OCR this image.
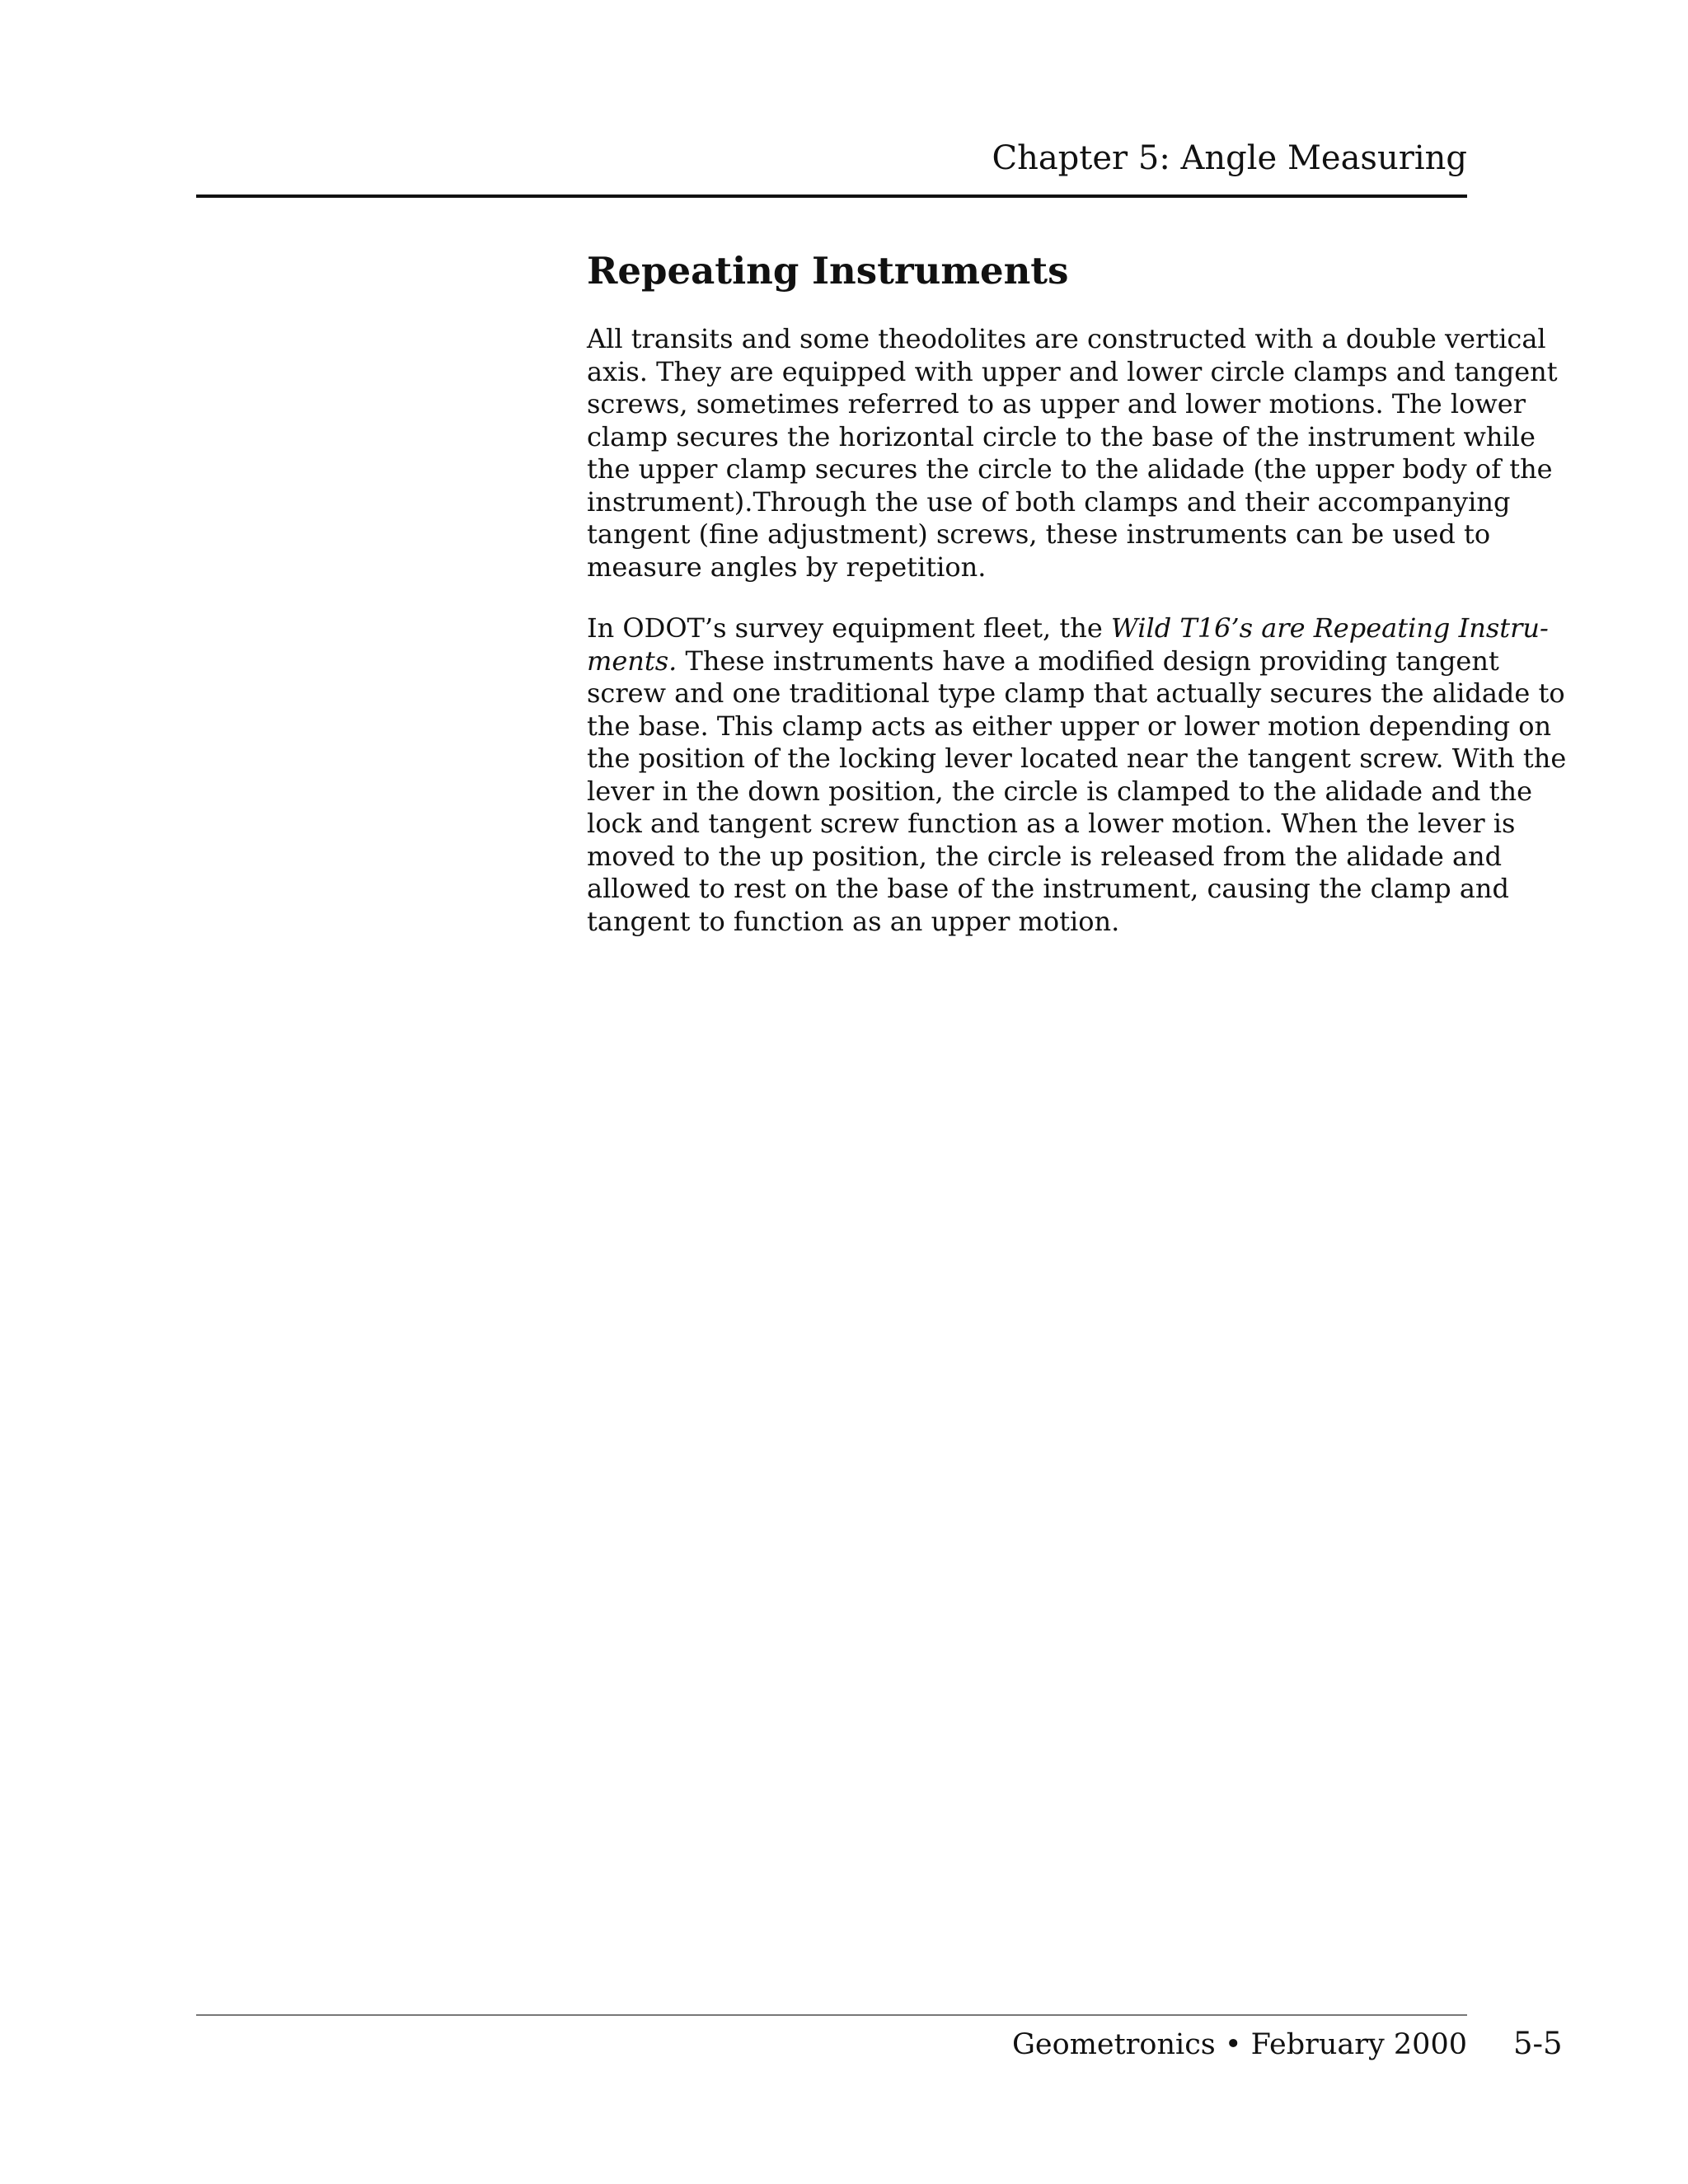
Chapter 5: Angle Measuring
Repeating Instruments

All transits and some theodolites are constructed with a double vertical
axis. They are equipped with upper and lower circle clamps and tangent
screws, sometimes referred to as upper and lower motions. The lower
clamp secures the horizontal circle to the base of the instrument while
the upper clamp secures the circle to the alidade (the upper body of the
instrument).Through the use of both clamps and their accompanying
tangent (fine adjustment) screws, these instruments can be used to
measure angles by repetition.

In ODOT’s survey equipment fleet, the Wild T16’s are Repeating Instru-
ments. These instruments have a modified design providing tangent
screw and one traditional type clamp that actually secures the alidade to
the base. This clamp acts as either upper or lower motion depending on
the position of the locking lever located near the tangent screw. With the
lever in the down position, the circle is clamped to the alidade and the
lock and tangent screw function as a lower motion. When the lever is
moved to the up position, the circle is released from the alidade and
allowed to rest on the base of the instrument, causing the clamp and
tangent to function as an upper motion.

Geometronics • February 2000 5-5
